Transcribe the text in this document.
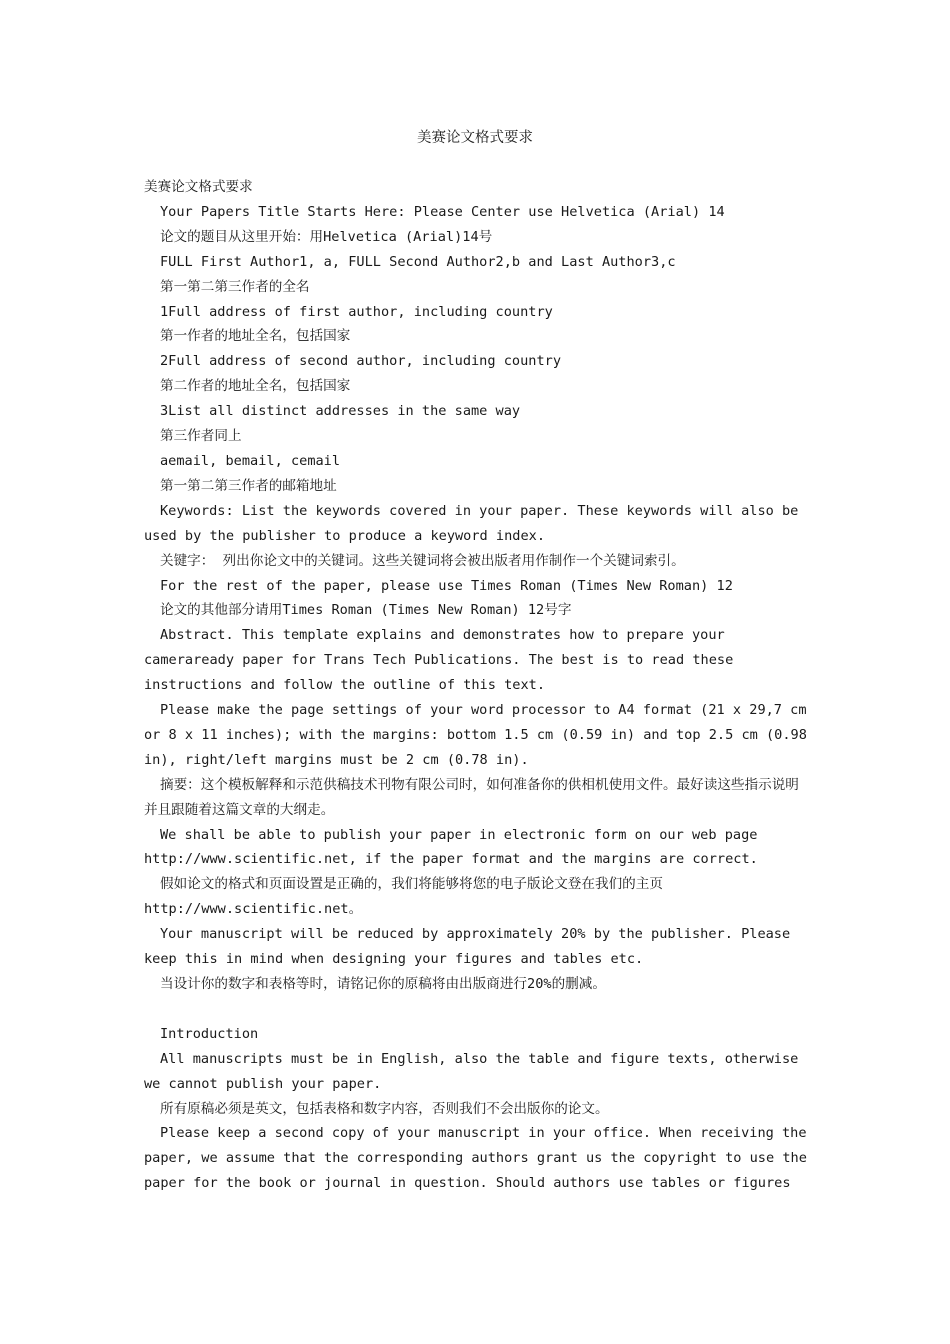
美赛论文格式要求

美赛论文格式要求

Your Papers Title Starts Here: Please Center use Helvetica (Arial) 14

论文的题目从这里开始：用Helvetica (Arial)14号

FULL First Author1, a, FULL Second Author2,b and Last Author3,c

第一第二第三作者的全名

1Full address of first author, including country

第一作者的地址全名，包括国家

2Full address of second author, including country

第二作者的地址全名，包括国家

3List all distinct addresses in the same way

第三作者同上

aemail, bemail, cemail

第一第二第三作者的邮箱地址

Keywords: List the keywords covered in your paper. These keywords will also be used by the publisher to produce a keyword index.

关键字： 列出你论文中的关键词。这些关键词将会被出版者用作制作一个关键词索引。

For the rest of the paper, please use Times Roman (Times New Roman) 12

论文的其他部分请用Times Roman (Times New Roman) 12号字

Abstract. This template explains and demonstrates how to prepare your cameraready paper for Trans Tech Publications. The best is to read these instructions and follow the outline of this text.

Please make the page settings of your word processor to A4 format (21 x 29,7 cm or 8 x 11 inches); with the margins: bottom 1.5 cm (0.59 in) and top 2.5 cm (0.98 in), right/left margins must be 2 cm (0.78 in).

摘要：这个模板解释和示范供稿技术刊物有限公司时，如何准备你的供相机使用文件。最好读这些指示说明并且跟随着这篇文章的大纲走。

We shall be able to publish your paper in electronic form on our web page http://www.scientific.net, if the paper format and the margins are correct.

假如论文的格式和页面设置是正确的，我们将能够将您的电子版论文登在我们的主页http://www.scientific.net。

Your manuscript will be reduced by approximately 20% by the publisher. Please keep this in mind when designing your figures and tables etc.

当设计你的数字和表格等时，请铭记你的原稿将由出版商进行20%的删减。

Introduction

All manuscripts must be in English, also the table and figure texts, otherwise we cannot publish your paper.

所有原稿必须是英文，包括表格和数字内容，否则我们不会出版你的论文。

Please keep a second copy of your manuscript in your office. When receiving the paper, we assume that the corresponding authors grant us the copyright to use the paper for the book or journal in question. Should authors use tables or figures
